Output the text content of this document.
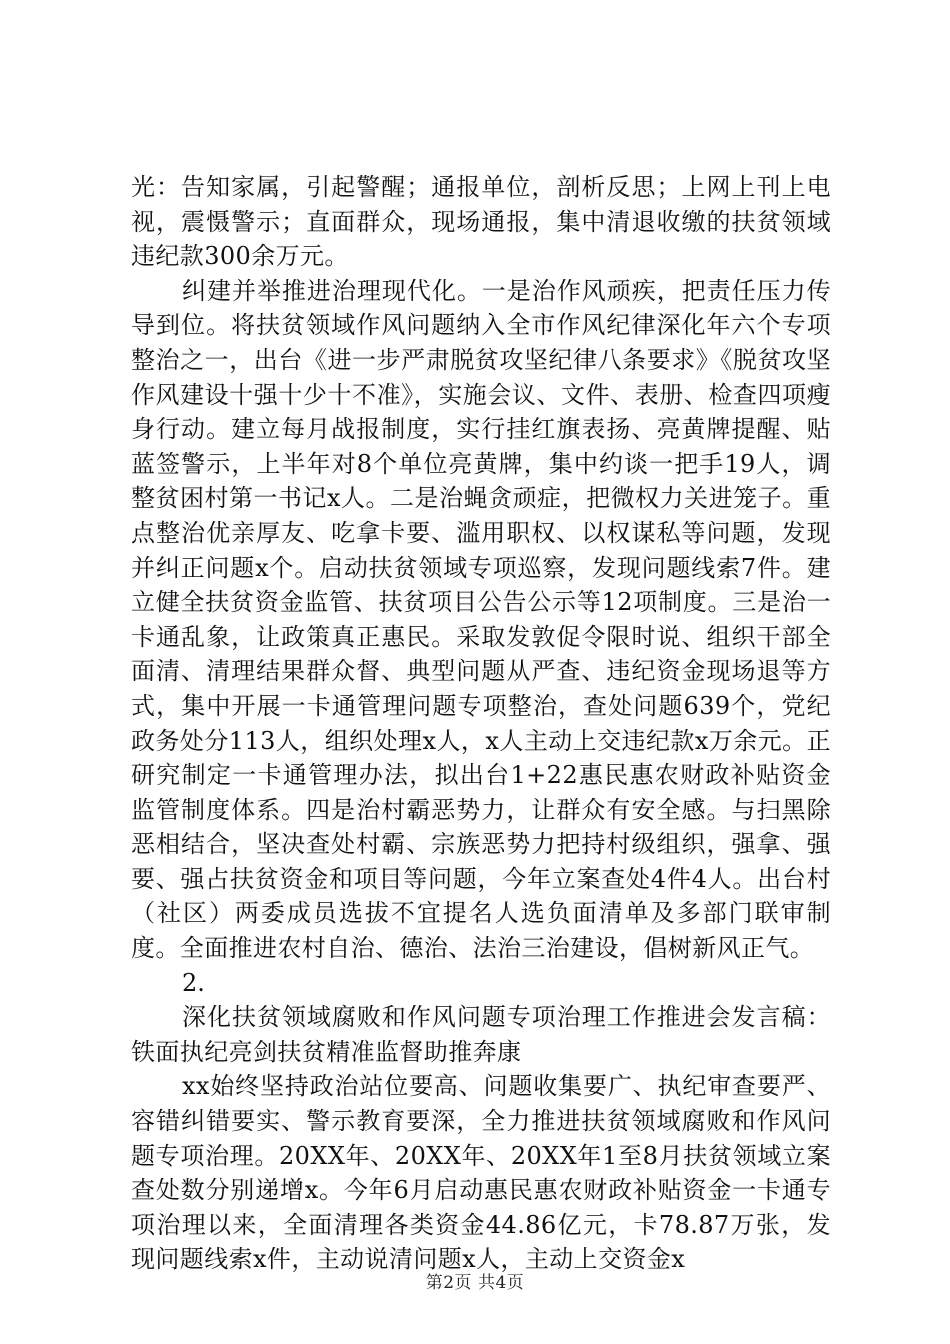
光：告知家属，引起警醒；通报单位，剖析反思；上网上刊上电视，震慑警示；直面群众，现场通报，集中清退收缴的扶贫领域违纪款300余万元。

纠建并举推进治理现代化。一是治作风顽疾，把责任压力传导到位。将扶贫领域作风问题纳入全市作风纪律深化年六个专项整治之一，出台《进一步严肃脱贫攻坚纪律八条要求》《脱贫攻坚作风建设十强十少十不准》，实施会议、文件、表册、检查四项瘦身行动。建立每月战报制度，实行挂红旗表扬、亮黄牌提醒、贴蓝签警示，上半年对8个单位亮黄牌，集中约谈一把手19人，调整贫困村第一书记x人。二是治蝇贪顽症，把微权力关进笼子。重点整治优亲厚友、吃拿卡要、滥用职权、以权谋私等问题，发现并纠正问题x个。启动扶贫领域专项巡察，发现问题线索7件。建立健全扶贫资金监管、扶贫项目公告公示等12项制度。三是治一卡通乱象，让政策真正惠民。采取发敦促令限时说、组织干部全面清、清理结果群众督、典型问题从严查、违纪资金现场退等方式，集中开展一卡通管理问题专项整治，查处问题639个，党纪政务处分113人，组织处理x人，x人主动上交违纪款x万余元。正研究制定一卡通管理办法，拟出台1+22惠民惠农财政补贴资金监管制度体系。四是治村霸恶势力，让群众有安全感。与扫黑除恶相结合，坚决查处村霸、宗族恶势力把持村级组织，强拿、强要、强占扶贫资金和项目等问题，今年立案查处4件4人。出台村（社区）两委成员选拔不宜提名人选负面清单及多部门联审制度。全面推进农村自治、德治、法治三治建设，倡树新风正气。

2.

深化扶贫领域腐败和作风问题专项治理工作推进会发言稿：铁面执纪亮剑扶贫精准监督助推奔康

xx始终坚持政治站位要高、问题收集要广、执纪审查要严、容错纠错要实、警示教育要深，全力推进扶贫领域腐败和作风问题专项治理。20XX年、20XX年、20XX年1至8月扶贫领域立案查处数分别递增x。今年6月启动惠民惠农财政补贴资金一卡通专项治理以来，全面清理各类资金44.86亿元，卡78.87万张，发现问题线索x件，主动说清问题x人，主动上交资金x

第2页 共4页
